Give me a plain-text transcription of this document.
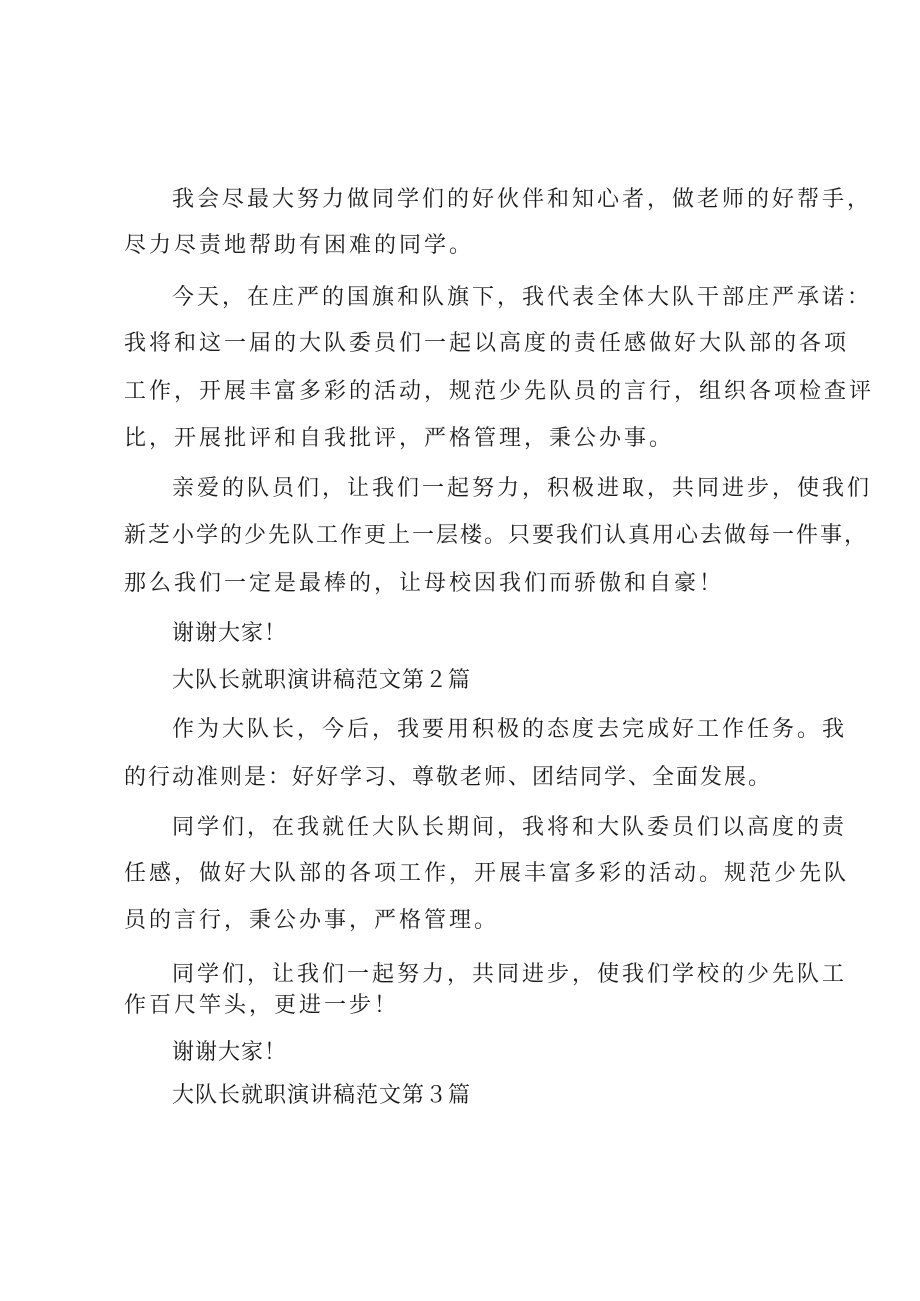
我会尽最大努力做同学们的好伙伴和知心者，做老师的好帮手，

尽力尽责地帮助有困难的同学。

今天，在庄严的国旗和队旗下，我代表全体大队干部庄严承诺：

我将和这一届的大队委员们一起以高度的责任感做好大队部的各项

工作，开展丰富多彩的活动，规范少先队员的言行，组织各项检查评

比，开展批评和自我批评，严格管理，秉公办事。

亲爱的队员们，让我们一起努力，积极进取，共同进步，使我们

新芝小学的少先队工作更上一层楼。只要我们认真用心去做每一件事，

那么我们一定是最棒的，让母校因我们而骄傲和自豪！

谢谢大家！

大队长就职演讲稿范文第２篇

作为大队长，今后，我要用积极的态度去完成好工作任务。我

的行动准则是：好好学习、尊敬老师、团结同学、全面发展。

同学们，在我就任大队长期间，我将和大队委员们以高度的责

任感，做好大队部的各项工作，开展丰富多彩的活动。规范少先队

员的言行，秉公办事，严格管理。

同学们，让我们一起努力，共同进步，使我们学校的少先队工

作百尺竿头，更进一步！

谢谢大家！

大队长就职演讲稿范文第３篇
